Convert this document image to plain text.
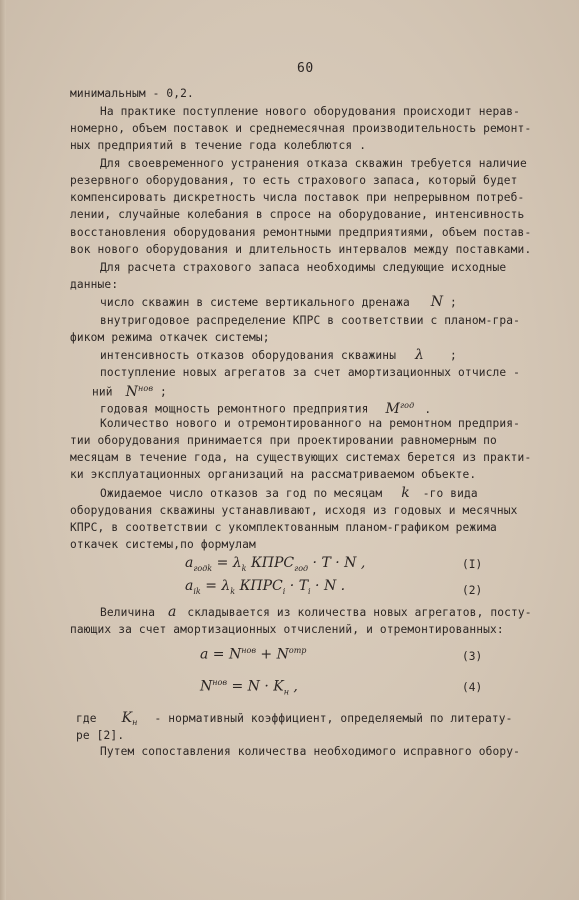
60
минимальным - 0,2.
На практике поступление нового оборудования происходит нерав-
номерно, объем поставок и среднемесячная производительность ремонт-
ных предприятий в течение года колеблются .
Для своевременного устранения отказа скважин требуется наличие
резервного оборудования, то есть страхового запаса, который будет
компенсировать дискретность числа поставок при непрерывном потреб-
лении, случайные колебания в спросе на оборудование, интенсивность
восстановления оборудования ремонтными предприятиями, объем постав-
вок нового оборудования и длительность интервалов между поставками.
Для расчета страхового запаса необходимы следующие исходные
данные:
число скважин в системе вертикального дренажа N ;
внутригодовое распределение КПРС в соответствии с планом-гра-
фиком режима откачек системы;
интенсивность отказов оборудования скважины λ ;
поступление новых агрегатов за счет амортизационных отчисле -
ний $N^{нов}$ ;
годовая мощность ремонтного предприятия $M^{год}$ .
Количество нового и отремонтированного на ремонтном предприя-
тии оборудования принимается при проектировании равномерным по
месяцам в течение года, на существующих системах берется из практи-
ки эксплуатационных организаций на рассматриваемом объекте.
Ожидаемое число отказов за год по месяцам k -го вида
оборудования скважины устанавливают, исходя из годовых и месячных
КПРС, в соответствии с укомплектованным планом-графиком режима
откачек системы,по формулам
$a_{годk} = \lambda_k$ $КПРС_{год} \cdot T \cdot N$ ,	(I)
$a_{ik} = \lambda_k$ $КПРС_i \cdot T_i \cdot N$ .	(2)
Величина a складывается из количества новых агрегатов, посту-
пающих за счет амортизационных отчислений, и отремонтированных:
$a = N^{нов} + N^{отр}$	(3)
$N^{нов} = N \cdot K_н$ ,	(4)
где $K_н$ - нормативный коэффициент, определяемый по литерату-
ре [2].
Путем сопоставления количества необходимого исправного обору-
